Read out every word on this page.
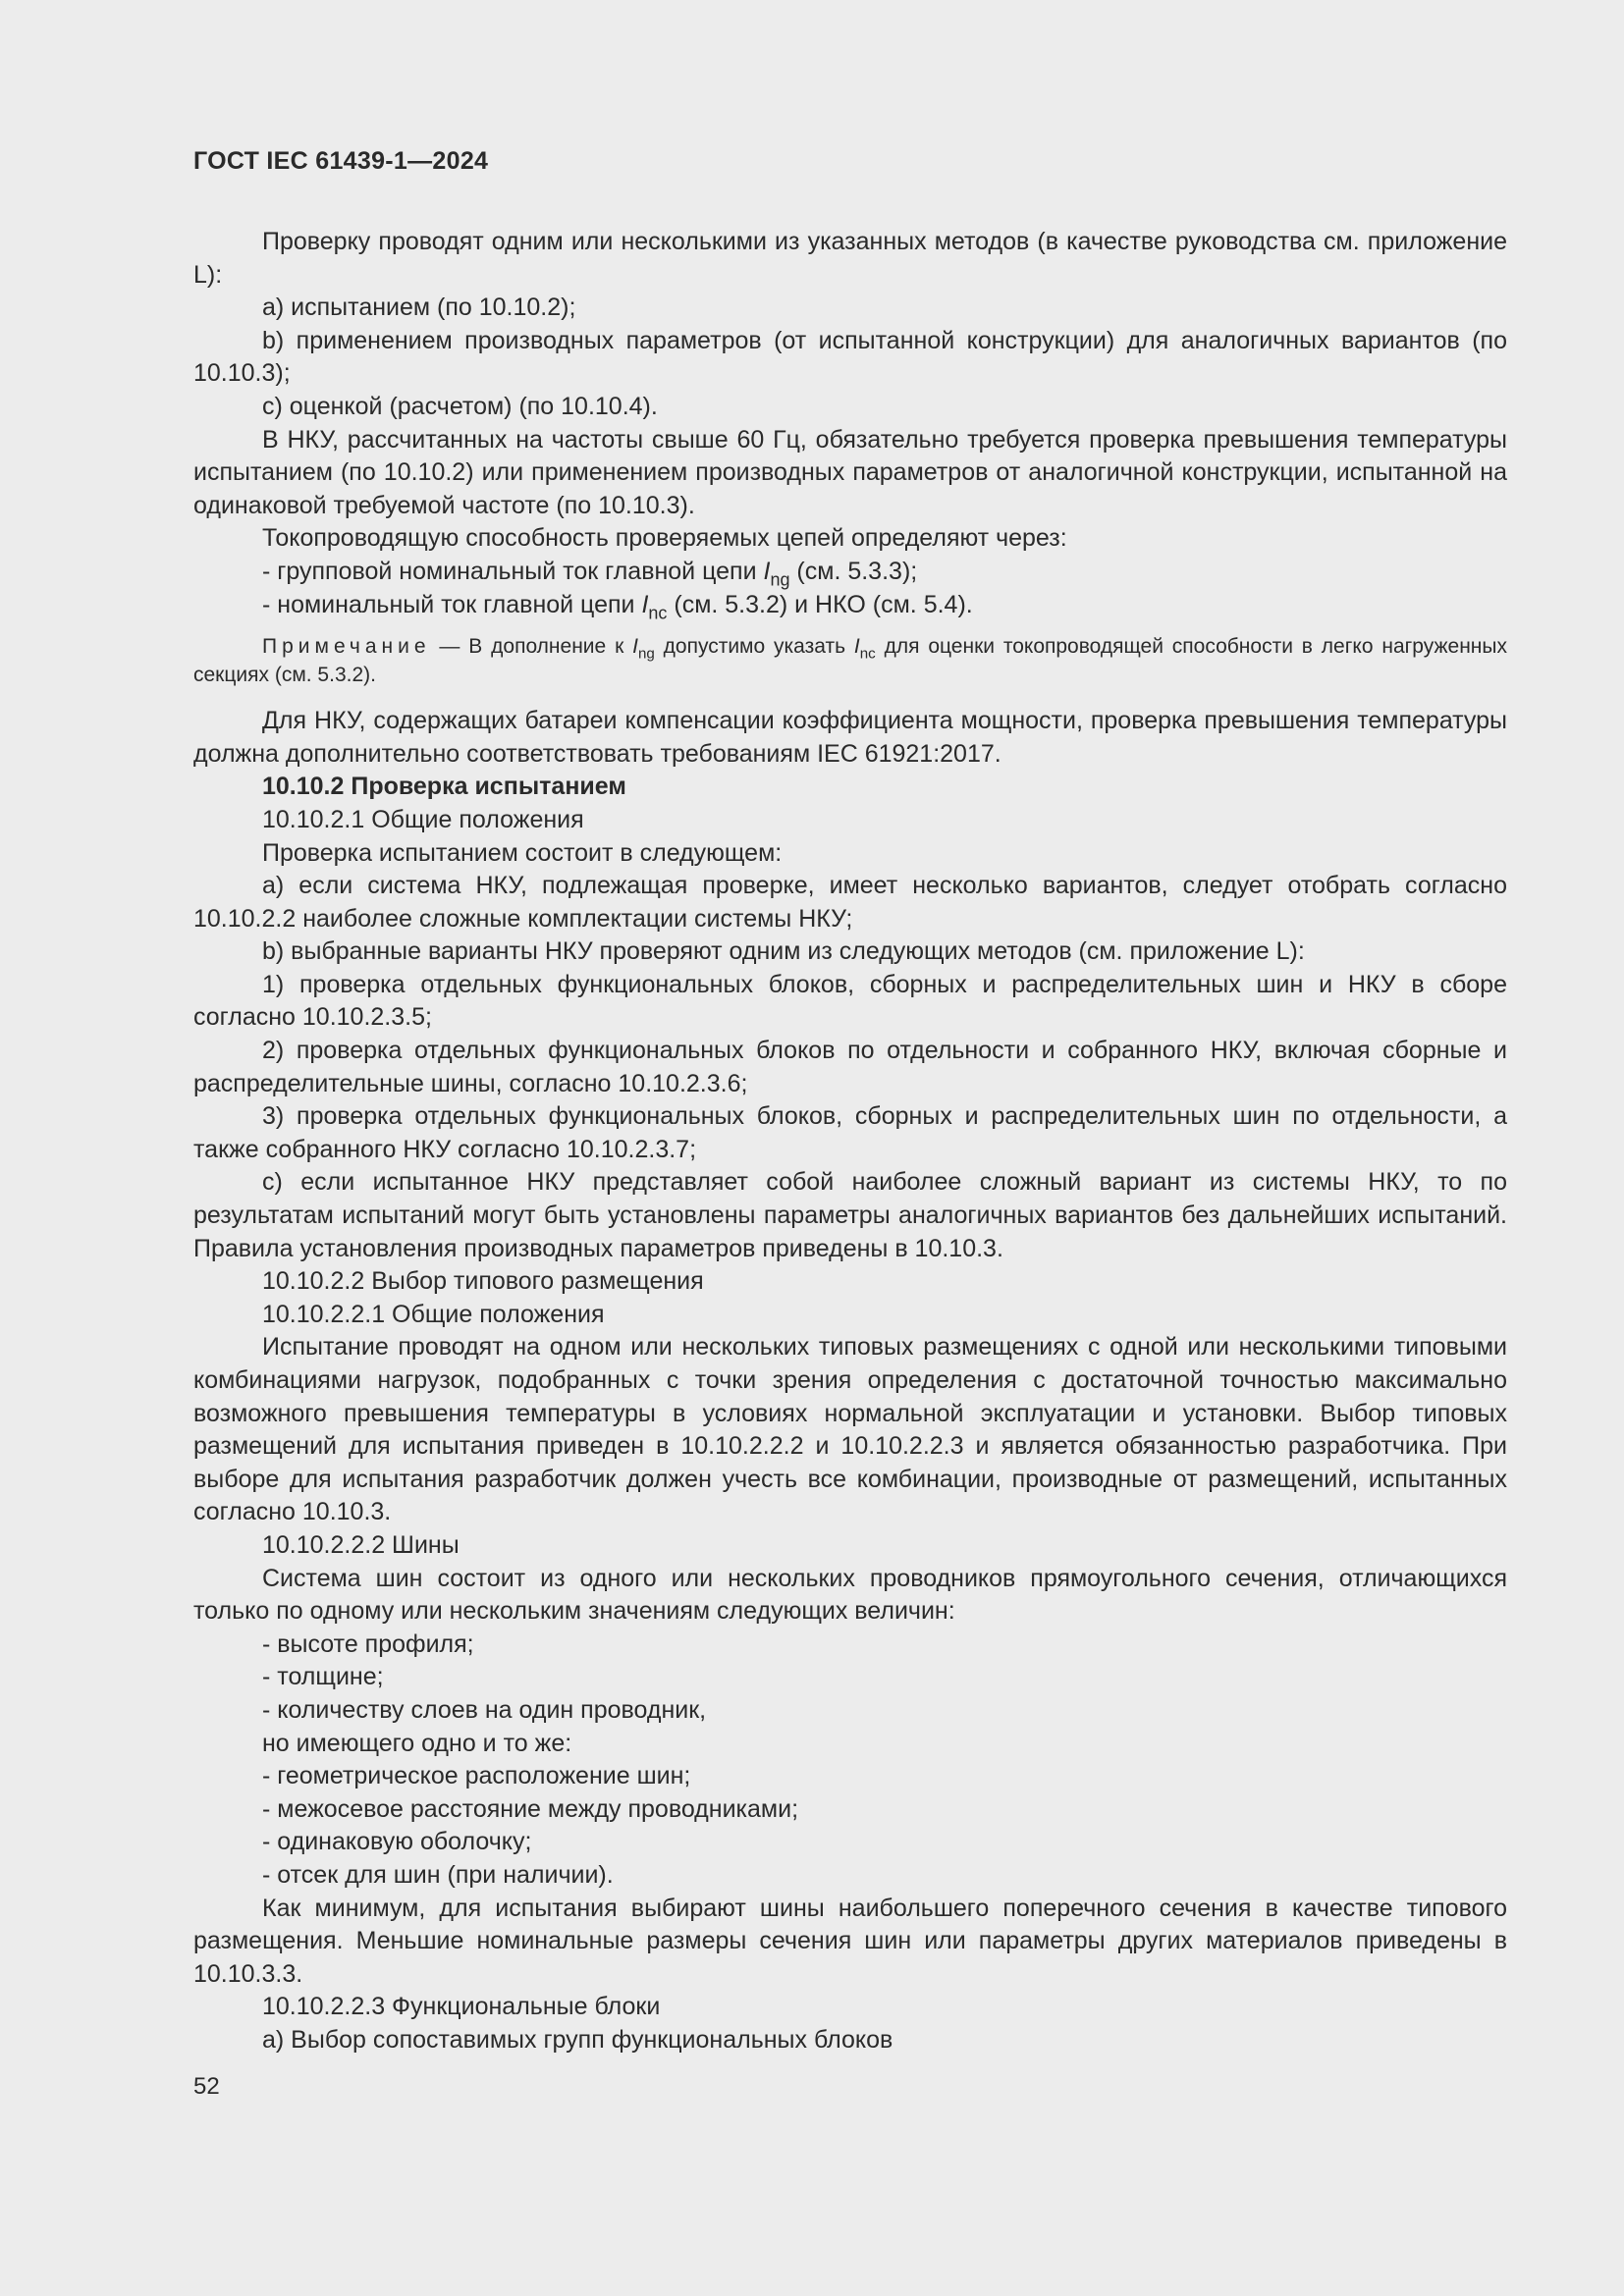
ГОСТ IEC 61439-1—2024

Проверку проводят одним или несколькими из указанных методов (в качестве руководства см. приложение L):

a) испытанием (по 10.10.2);

b) применением производных параметров (от испытанной конструкции) для аналогичных вариантов (по 10.10.3);

c) оценкой (расчетом) (по 10.10.4).

В НКУ, рассчитанных на частоты свыше 60 Гц, обязательно требуется проверка превышения температуры испытанием (по 10.10.2) или применением производных параметров от аналогичной конструкции, испытанной на одинаковой требуемой частоте (по 10.10.3).

Токопроводящую способность проверяемых цепей определяют через:

- групповой номинальный ток главной цепи $I_{ng}$ (см. 5.3.3);

- номинальный ток главной цепи $I_{nc}$ (см. 5.3.2) и НКО (см. 5.4).

Примечание — В дополнение к $I_{ng}$ допустимо указать $I_{nc}$ для оценки токопроводящей способности в легко нагруженных секциях (см. 5.3.2).

Для НКУ, содержащих батареи компенсации коэффициента мощности, проверка превышения температуры должна дополнительно соответствовать требованиям IEC 61921:2017.

10.10.2 Проверка испытанием

10.10.2.1 Общие положения

Проверка испытанием состоит в следующем:

a) если система НКУ, подлежащая проверке, имеет несколько вариантов, следует отобрать согласно 10.10.2.2 наиболее сложные комплектации системы НКУ;

b) выбранные варианты НКУ проверяют одним из следующих методов (см. приложение L):

1) проверка отдельных функциональных блоков, сборных и распределительных шин и НКУ в сборе согласно 10.10.2.3.5;

2) проверка отдельных функциональных блоков по отдельности и собранного НКУ, включая сборные и распределительные шины, согласно 10.10.2.3.6;

3) проверка отдельных функциональных блоков, сборных и распределительных шин по отдельности, а также собранного НКУ согласно 10.10.2.3.7;

c) если испытанное НКУ представляет собой наиболее сложный вариант из системы НКУ, то по результатам испытаний могут быть установлены параметры аналогичных вариантов без дальнейших испытаний. Правила установления производных параметров приведены в 10.10.3.

10.10.2.2 Выбор типового размещения

10.10.2.2.1 Общие положения

Испытание проводят на одном или нескольких типовых размещениях с одной или несколькими типовыми комбинациями нагрузок, подобранных с точки зрения определения с достаточной точностью максимально возможного превышения температуры в условиях нормальной эксплуатации и установки. Выбор типовых размещений для испытания приведен в 10.10.2.2.2 и 10.10.2.2.3 и является обязанностью разработчика. При выборе для испытания разработчик должен учесть все комбинации, производные от размещений, испытанных согласно 10.10.3.

10.10.2.2.2 Шины

Система шин состоит из одного или нескольких проводников прямоугольного сечения, отличающихся только по одному или нескольким значениям следующих величин:

- высоте профиля;

- толщине;

- количеству слоев на один проводник,

но имеющего одно и то же:

- геометрическое расположение шин;

- межосевое расстояние между проводниками;

- одинаковую оболочку;

- отсек для шин (при наличии).

Как минимум, для испытания выбирают шины наибольшего поперечного сечения в качестве типового размещения. Меньшие номинальные размеры сечения шин или параметры других материалов приведены в 10.10.3.3.

10.10.2.2.3 Функциональные блоки

a) Выбор сопоставимых групп функциональных блоков

52
